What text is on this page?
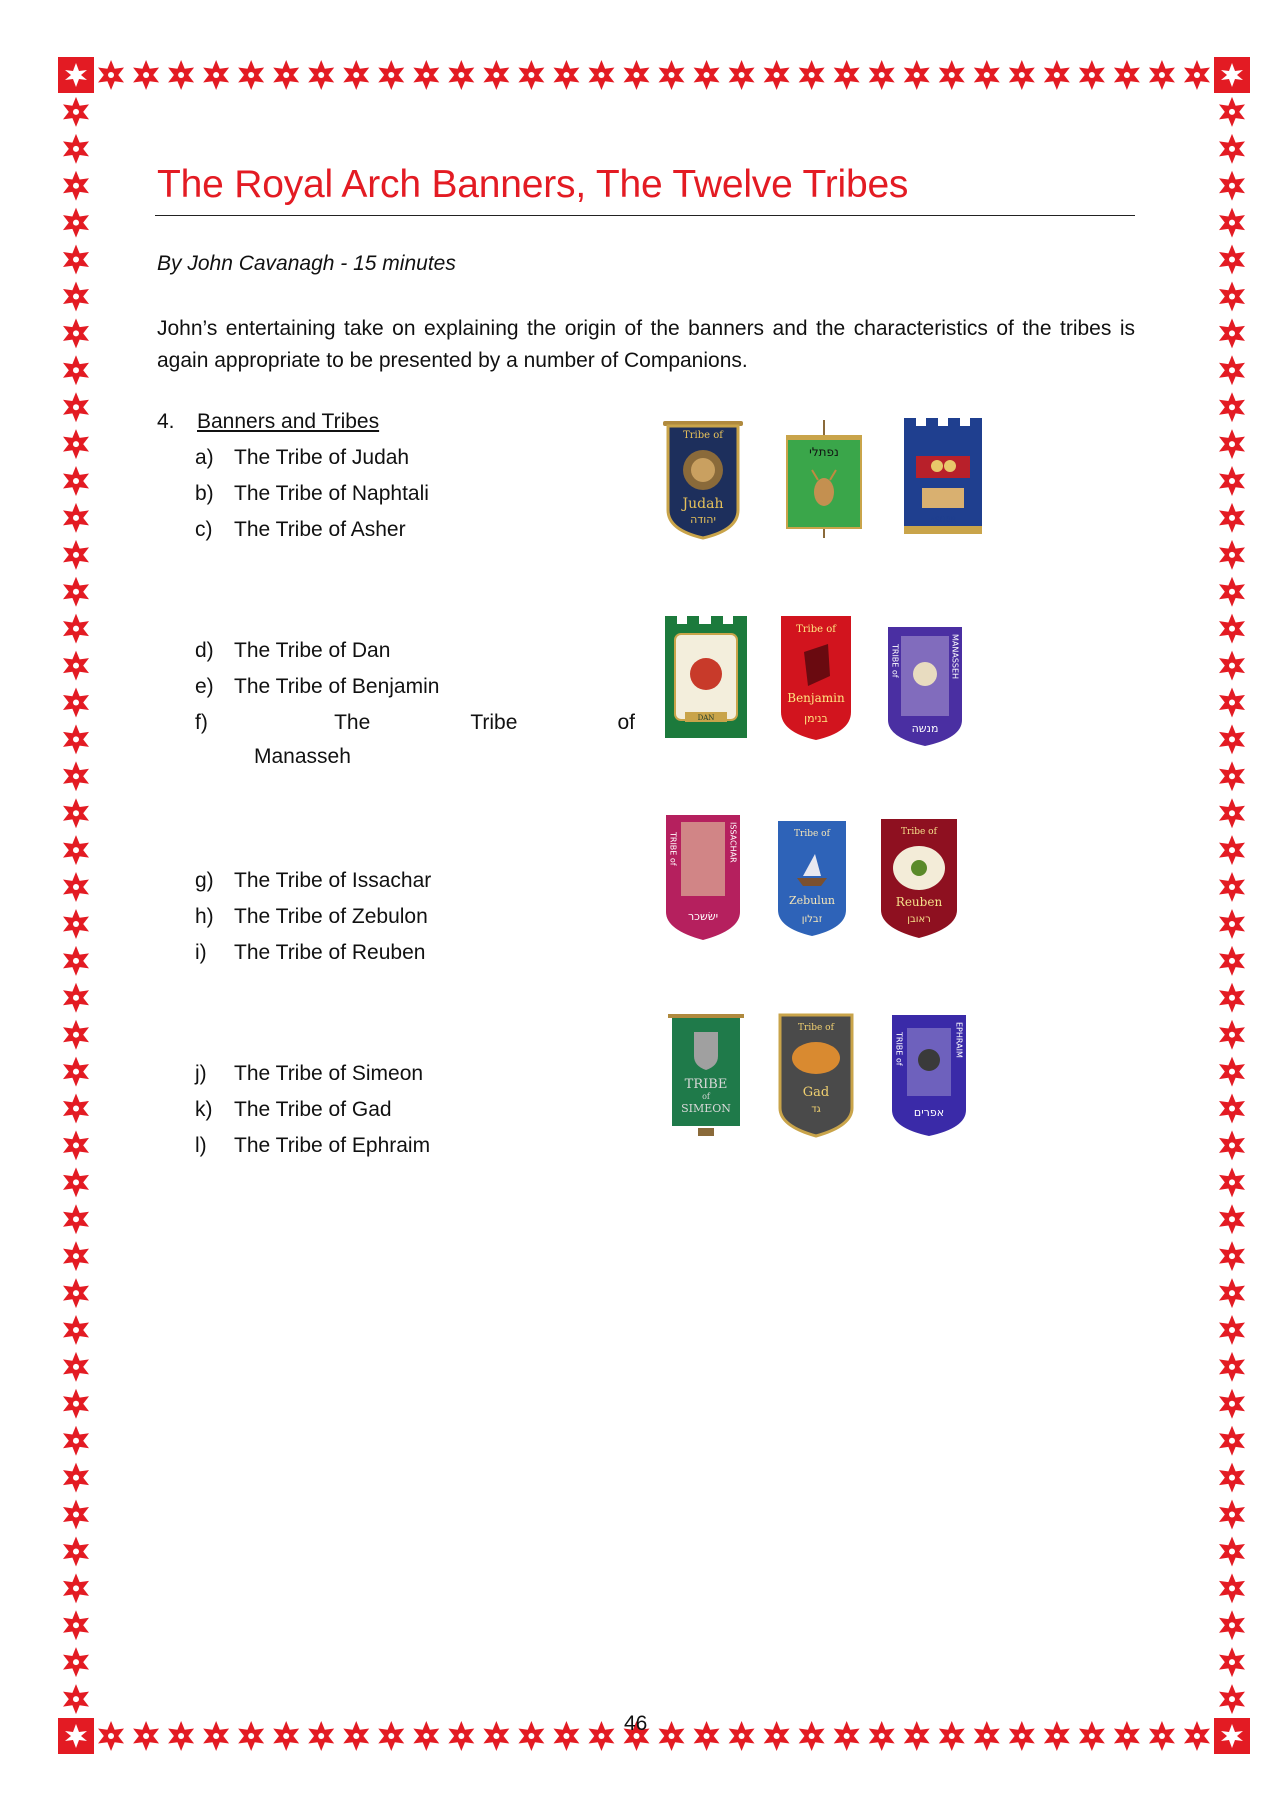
The Royal Arch Banners, The Twelve Tribes
By John Cavanagh - 15 minutes
John’s entertaining take on explaining the origin of the banners and the characteristics of the tribes is again appropriate to be presented by a number of Companions.
4. Banners and Tribes
a) The Tribe of Judah
b) The Tribe of Naphtali
c) The Tribe of Asher
d) The Tribe of Dan
e) The Tribe of Benjamin
f)	The	Tribe	of
Manasseh
g) The Tribe of Issachar
h) The Tribe of Zebulon
i) The Tribe of Reuben
j) The Tribe of Simeon
k) The Tribe of Gad
l) The Tribe of Ephraim
Tribe of
Judah
יהודה
נפתלי
ASHER
DAN
Tribe of
Benjamin
בנימן
TRIBE of	MANASSEH
מנשה
TRIBE of	ISSACHAR
ישׂשכר
Tribe of
Zebulun
זבלון
Tribe of
Reuben
ראובן
TRIBE
of
SIMEON
Tribe of
Gad
גד
TRIBE of	EPHRAIM
אפרים
46
